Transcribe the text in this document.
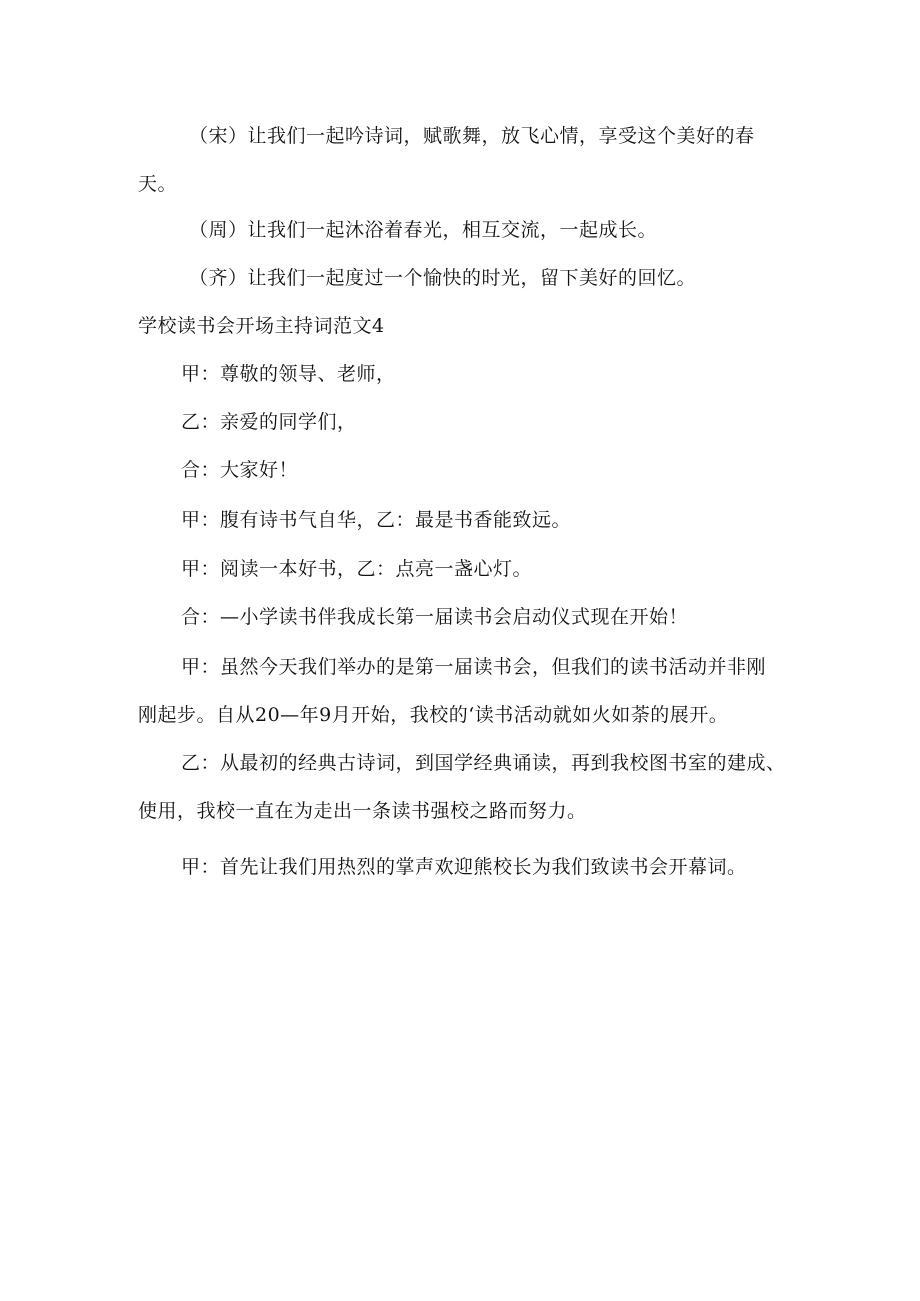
（宋）让我们一起吟诗词，赋歌舞，放飞心情，享受这个美好的春
天。
（周）让我们一起沐浴着春光，相互交流，一起成长。
（齐）让我们一起度过一个愉快的时光，留下美好的回忆。
学校读书会开场主持词范文4
甲：尊敬的领导、老师，
乙：亲爱的同学们，
合：大家好！
甲：腹有诗书气自华，乙：最是书香能致远。
甲：阅读一本好书，乙：点亮一盏心灯。
合：—小学读书伴我成长第一届读书会启动仪式现在开始！
甲：虽然今天我们举办的是第一届读书会，但我们的读书活动并非刚
刚起步。自从20—年9月开始，我校的‘读书活动就如火如荼的展开。
乙：从最初的经典古诗词，到国学经典诵读，再到我校图书室的建成、
使用，我校一直在为走出一条读书强校之路而努力。
甲：首先让我们用热烈的掌声欢迎熊校长为我们致读书会开幕词。
